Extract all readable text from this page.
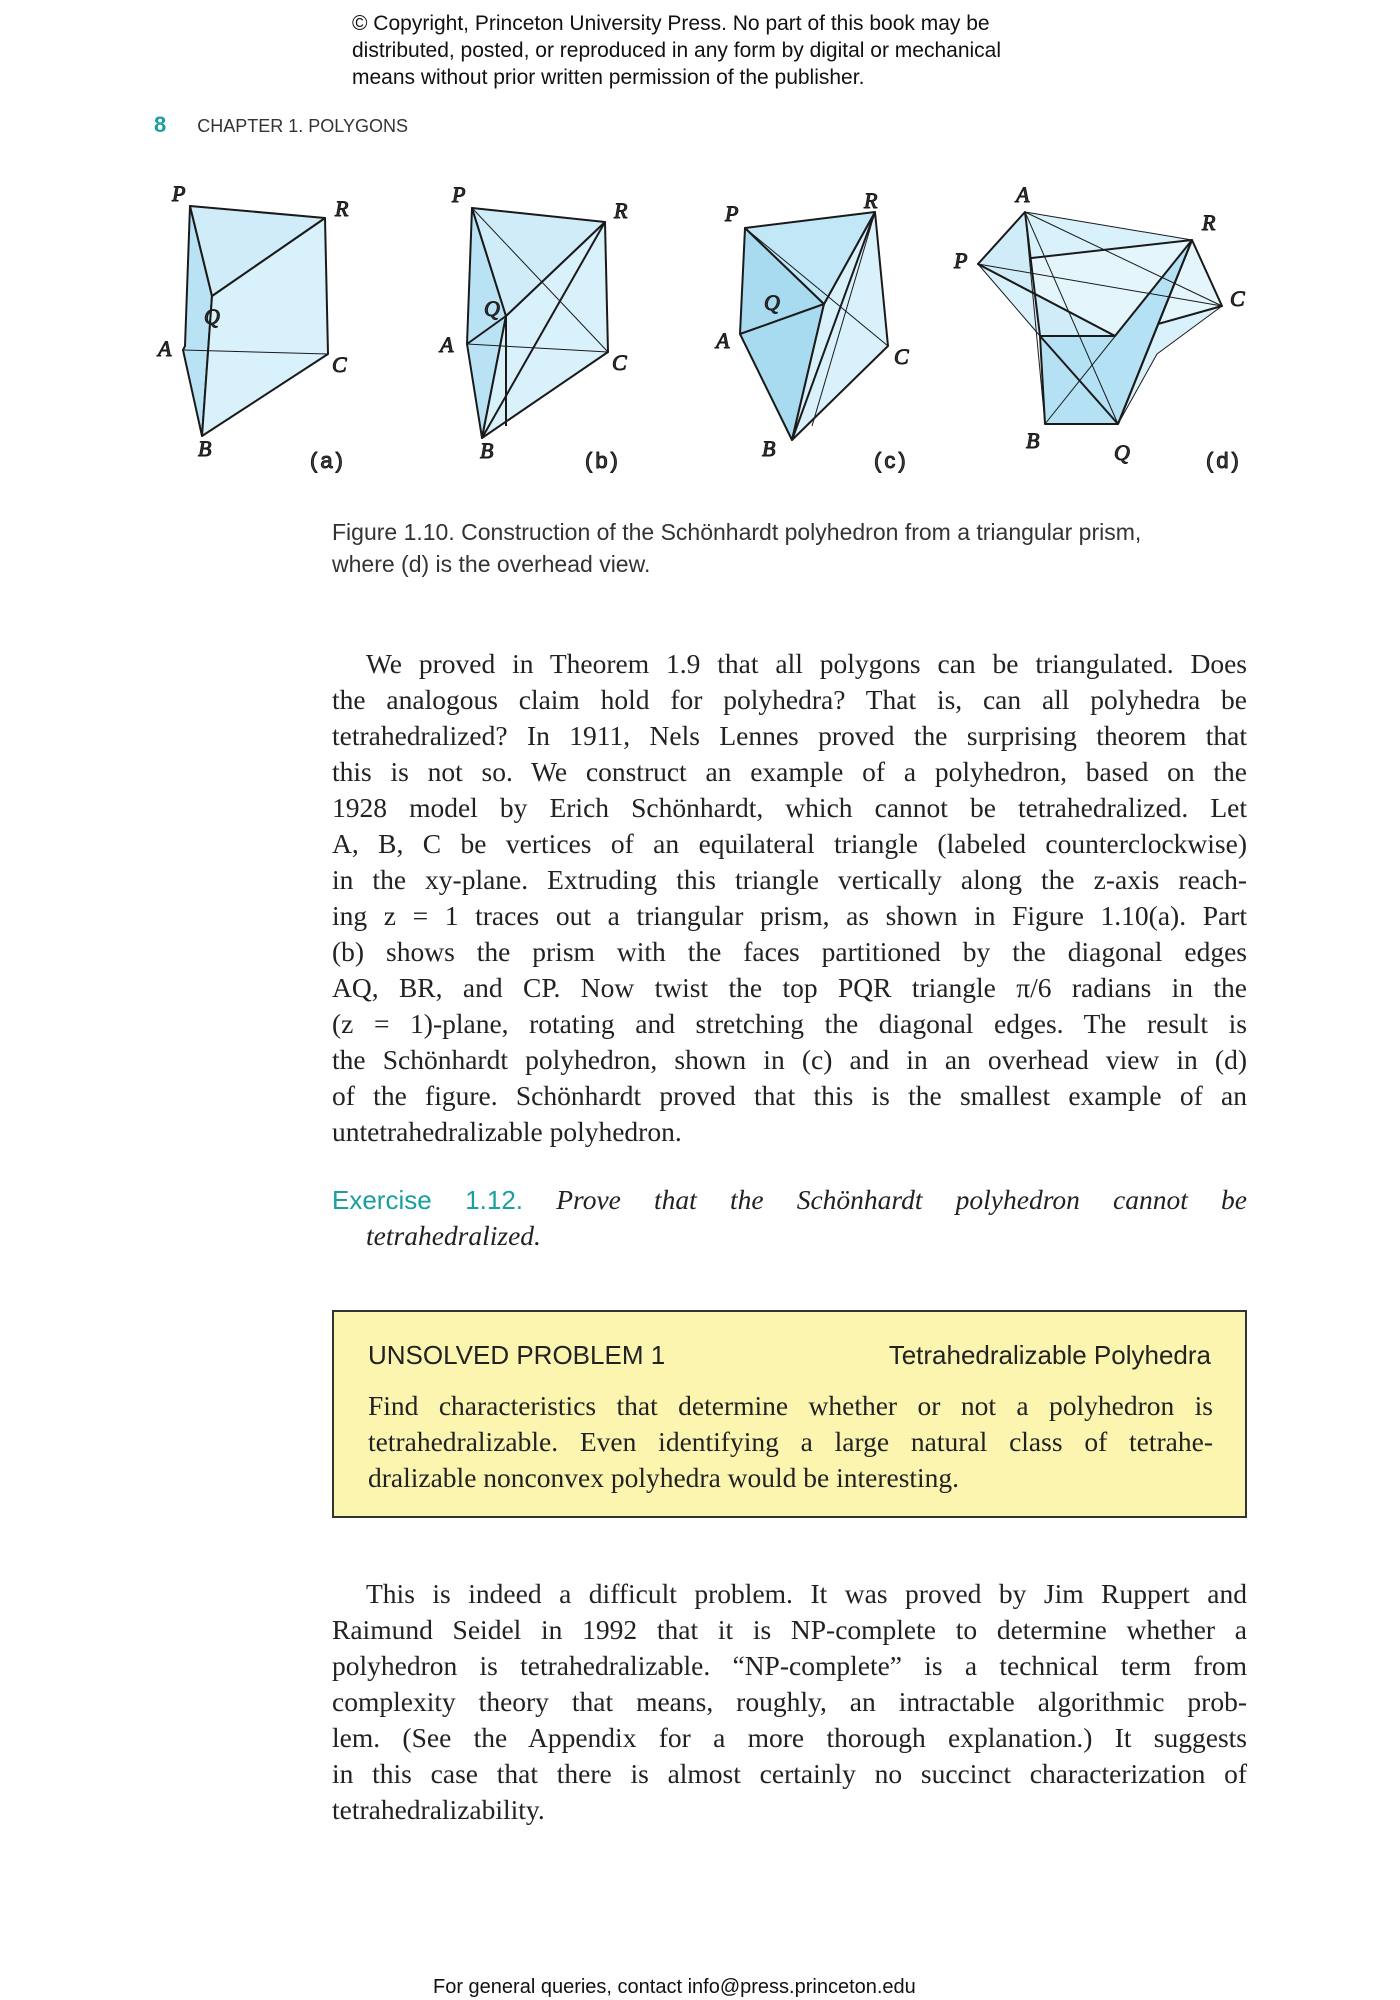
© Copyright, Princeton University Press. No part of this book may be
distributed, posted, or reproduced in any form by digital or mechanical
means without prior written permission of the publisher.
8 CHAPTER 1. POLYGONS
P
R
Q
A
C
B	(a)
P
R
Q
A
C
B	(b)
P
R
Q
A
C
B	(c)
A
R
P
C
B	Q	(d)
Figure 1.10. Construction of the Schönhardt polyhedron from a triangular prism,
where (d) is the overhead view.
We proved in Theorem 1.9 that all polygons can be triangulated. Does
the analogous claim hold for polyhedra? That is, can all polyhedra be
tetrahedralized? In 1911, Nels Lennes proved the surprising theorem that
this is not so. We construct an example of a polyhedron, based on the
1928 model by Erich Schönhardt, which cannot be tetrahedralized. Let
A, B, C be vertices of an equilateral triangle (labeled counterclockwise)
in the xy-plane. Extruding this triangle vertically along the z-axis reach-
ing z = 1 traces out a triangular prism, as shown in Figure 1.10(a). Part
(b) shows the prism with the faces partitioned by the diagonal edges
AQ, BR, and CP. Now twist the top PQR triangle π/6 radians in the
(z = 1)-plane, rotating and stretching the diagonal edges. The result is
the Schönhardt polyhedron, shown in (c) and in an overhead view in (d)
of the figure. Schönhardt proved that this is the smallest example of an
untetrahedralizable polyhedron.
Exercise 1.12. Prove that the Schönhardt polyhedron cannot be
tetrahedralized.
UNSOLVED PROBLEM 1	Tetrahedralizable Polyhedra
Find characteristics that determine whether or not a polyhedron is
tetrahedralizable. Even identifying a large natural class of tetrahe-
dralizable nonconvex polyhedra would be interesting.
This is indeed a difficult problem. It was proved by Jim Ruppert and
Raimund Seidel in 1992 that it is NP-complete to determine whether a
polyhedron is tetrahedralizable. “NP-complete” is a technical term from
complexity theory that means, roughly, an intractable algorithmic prob-
lem. (See the Appendix for a more thorough explanation.) It suggests
in this case that there is almost certainly no succinct characterization of
tetrahedralizability.
For general queries, contact info@press.princeton.edu
